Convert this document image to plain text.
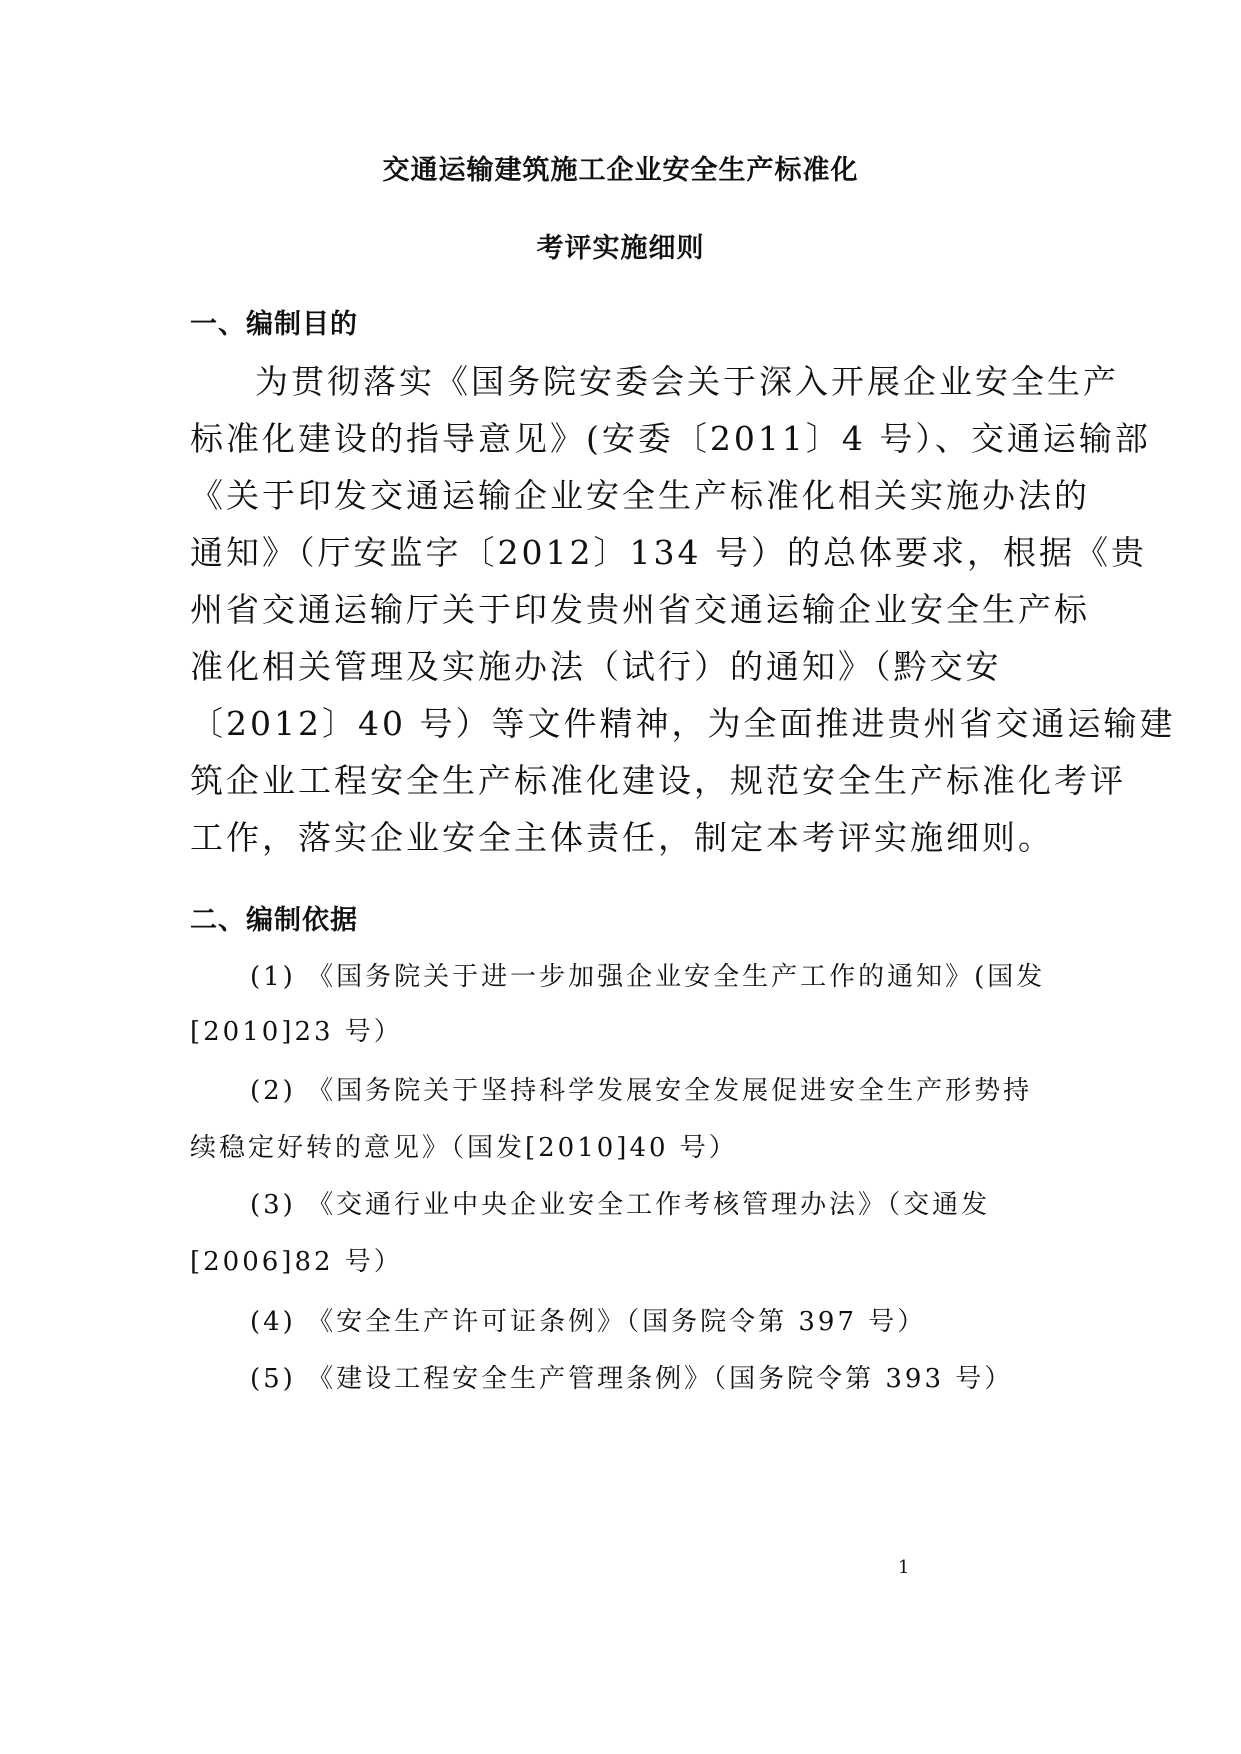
交通运输建筑施工企业安全生产标准化
考评实施细则
一、编制目的
为贯彻落实《国务院安委会关于深入开展企业安全生产
标准化建设的指导意见》(安委〔2011〕4 号）、交通运输部
《关于印发交通运输企业安全生产标准化相关实施办法的
通知》（厅安监字〔2012〕134 号）的总体要求，根据《贵
州省交通运输厅关于印发贵州省交通运输企业安全生产标
准化相关管理及实施办法（试行）的通知》（黔交安
〔2012〕40 号）等文件精神，为全面推进贵州省交通运输建
筑企业工程安全生产标准化建设，规范安全生产标准化考评
工作，落实企业安全主体责任，制定本考评实施细则。
二、编制依据
(1) 《国务院关于进一步加强企业安全生产工作的通知》(国发
[2010]23 号）
(2) 《国务院关于坚持科学发展安全发展促进安全生产形势持
续稳定好转的意见》（国发[2010]40 号）
(3) 《交通行业中央企业安全工作考核管理办法》（交通发
[2006]82 号）
(4) 《安全生产许可证条例》（国务院令第 397 号）
(5) 《建设工程安全生产管理条例》（国务院令第 393 号）
1
